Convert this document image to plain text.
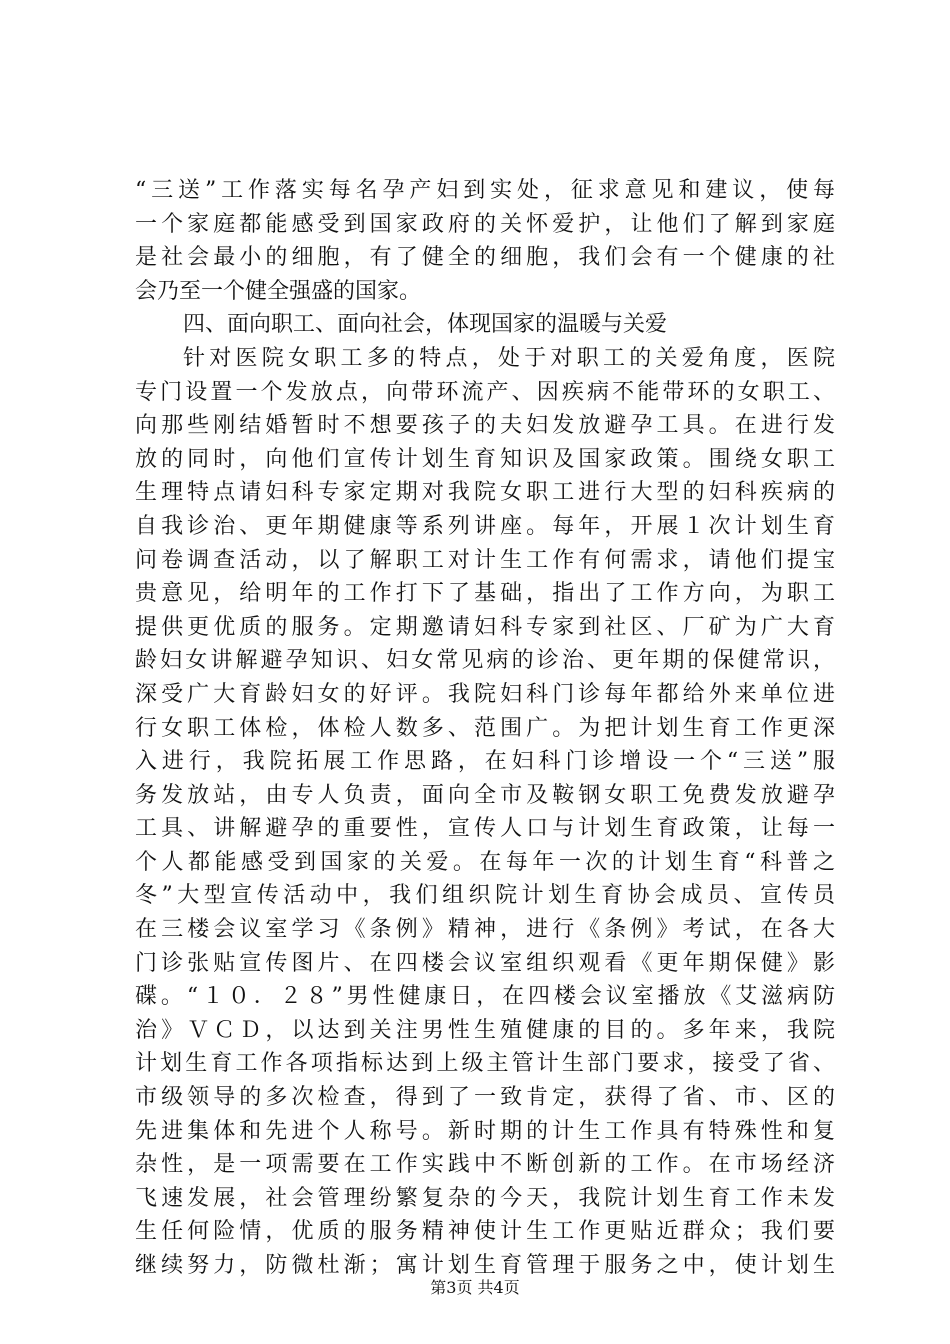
“三送”工作落实每名孕产妇到实处，征求意见和建议，使每
一个家庭都能感受到国家政府的关怀爱护，让他们了解到家庭
是社会最小的细胞，有了健全的细胞，我们会有一个健康的社
会乃至一个健全强盛的国家。
四、面向职工、面向社会，体现国家的温暖与关爱
针对医院女职工多的特点，处于对职工的关爱角度，医院
专门设置一个发放点，向带环流产、因疾病不能带环的女职工、
向那些刚结婚暂时不想要孩子的夫妇发放避孕工具。在进行发
放的同时，向他们宣传计划生育知识及国家政策。围绕女职工
生理特点请妇科专家定期对我院女职工进行大型的妇科疾病的
自我诊治、更年期健康等系列讲座。每年，开展１次计划生育
问卷调查活动，以了解职工对计生工作有何需求，请他们提宝
贵意见，给明年的工作打下了基础，指出了工作方向，为职工
提供更优质的服务。定期邀请妇科专家到社区、厂矿为广大育
龄妇女讲解避孕知识、妇女常见病的诊治、更年期的保健常识，
深受广大育龄妇女的好评。我院妇科门诊每年都给外来单位进
行女职工体检，体检人数多、范围广。为把计划生育工作更深
入进行，我院拓展工作思路，在妇科门诊增设一个“三送”服
务发放站，由专人负责，面向全市及鞍钢女职工免费发放避孕
工具、讲解避孕的重要性，宣传人口与计划生育政策，让每一
个人都能感受到国家的关爱。在每年一次的计划生育“科普之
冬”大型宣传活动中，我们组织院计划生育协会成员、宣传员
在三楼会议室学习《条例》精神，进行《条例》考试，在各大
门诊张贴宣传图片、在四楼会议室组织观看《更年期保健》影
碟。“１０．２８”男性健康日，在四楼会议室播放《艾滋病防
治》ＶＣＤ，以达到关注男性生殖健康的目的。多年来，我院
计划生育工作各项指标达到上级主管计生部门要求，接受了省、
市级领导的多次检查，得到了一致肯定，获得了省、市、区的
先进集体和先进个人称号。新时期的计生工作具有特殊性和复
杂性，是一项需要在工作实践中不断创新的工作。在市场经济
飞速发展，社会管理纷繁复杂的今天，我院计划生育工作未发
生任何险情，优质的服务精神使计生工作更贴近群众；我们要
继续努力，防微杜渐；寓计划生育管理于服务之中，使计划生
第3页 共4页
